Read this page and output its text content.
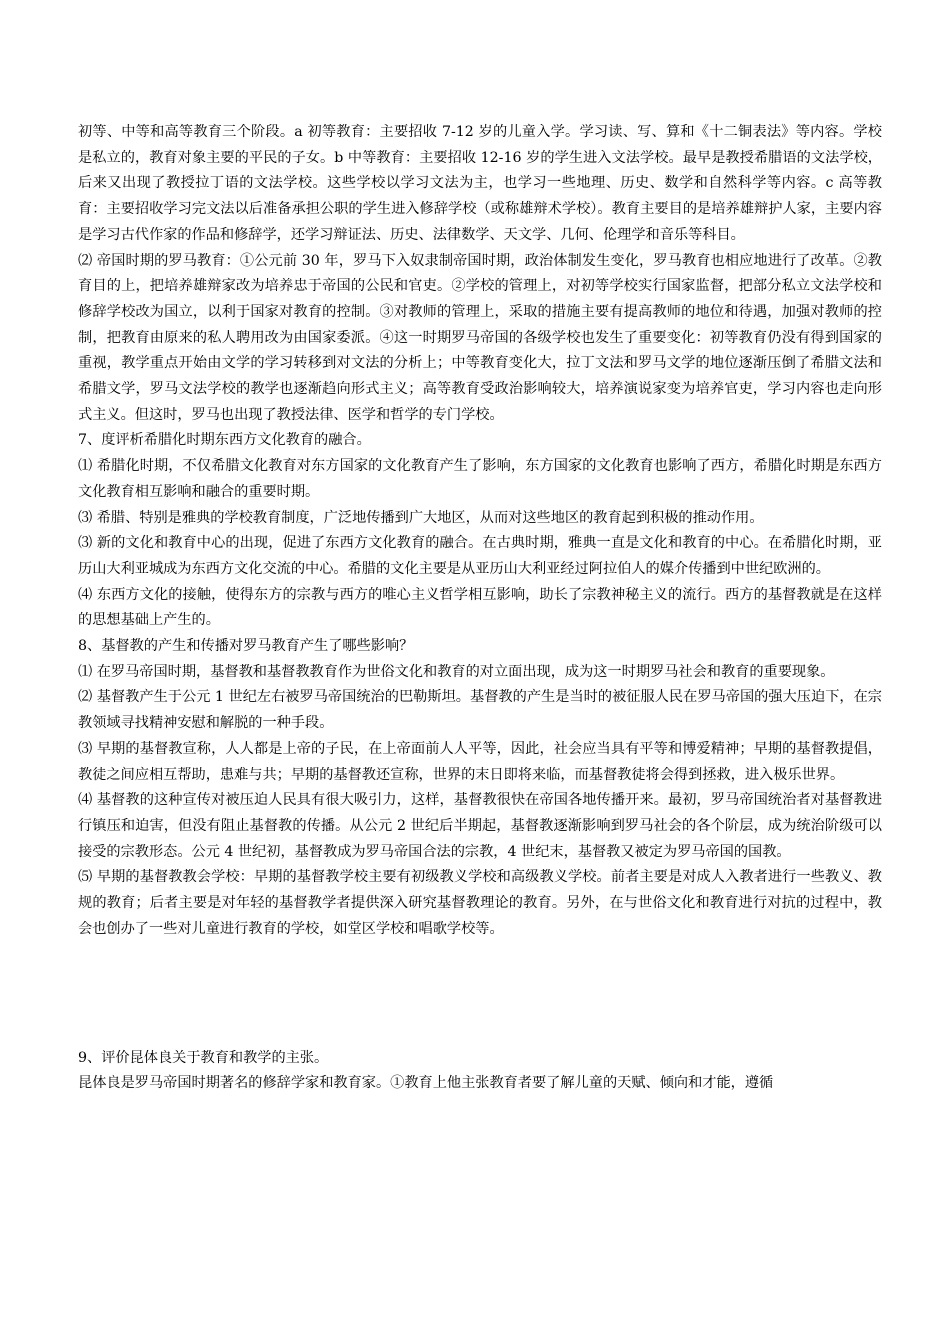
初等、中等和高等教育三个阶段。a 初等教育：主要招收 7-12 岁的儿童入学。学习读、写、算和《十二铜表法》等内容。学校是私立的，教育对象主要的平民的子女。b 中等教育：主要招收 12-16 岁的学生进入文法学校。最早是教授希腊语的文法学校，后来又出现了教授拉丁语的文法学校。这些学校以学习文法为主，也学习一些地理、历史、数学和自然科学等内容。c 高等教育：主要招收学习完文法以后准备承担公职的学生进入修辞学校（或称雄辩术学校）。教育主要目的是培养雄辩护人家，主要内容是学习古代作家的作品和修辞学，还学习辩证法、历史、法律数学、天文学、几何、伦理学和音乐等科目。

⑵ 帝国时期的罗马教育：①公元前 30 年，罗马下入奴隶制帝国时期，政治体制发生变化，罗马教育也相应地进行了改革。②教育目的上，把培养雄辩家改为培养忠于帝国的公民和官吏。②学校的管理上，对初等学校实行国家监督，把部分私立文法学校和修辞学校改为国立，以利于国家对教育的控制。③对教师的管理上，采取的措施主要有提高教师的地位和待遇，加强对教师的控制，把教育由原来的私人聘用改为由国家委派。④这一时期罗马帝国的各级学校也发生了重要变化：初等教育仍没有得到国家的重视，教学重点开始由文学的学习转移到对文法的分析上；中等教育变化大，拉丁文法和罗马文学的地位逐渐压倒了希腊文法和希腊文学，罗马文法学校的教学也逐渐趋向形式主义；高等教育受政治影响较大，培养演说家变为培养官吏，学习内容也走向形式主义。但这时，罗马也出现了教授法律、医学和哲学的专门学校。

7、度评析希腊化时期东西方文化教育的融合。

⑴ 希腊化时期，不仅希腊文化教育对东方国家的文化教育产生了影响，东方国家的文化教育也影响了西方，希腊化时期是东西方文化教育相互影响和融合的重要时期。

⑶ 希腊、特别是雅典的学校教育制度，广泛地传播到广大地区，从而对这些地区的教育起到积极的推动作用。

⑶ 新的文化和教育中心的出现，促进了东西方文化教育的融合。在古典时期，雅典一直是文化和教育的中心。在希腊化时期，亚历山大利亚城成为东西方文化交流的中心。希腊的文化主要是从亚历山大利亚经过阿拉伯人的媒介传播到中世纪欧洲的。

⑷ 东西方文化的接触，使得东方的宗教与西方的唯心主义哲学相互影响，助长了宗教神秘主义的流行。西方的基督教就是在这样的思想基础上产生的。

8、基督教的产生和传播对罗马教育产生了哪些影响？

⑴ 在罗马帝国时期，基督教和基督教教育作为世俗文化和教育的对立面出现，成为这一时期罗马社会和教育的重要现象。

⑵ 基督教产生于公元 1 世纪左右被罗马帝国统治的巴勒斯坦。基督教的产生是当时的被征服人民在罗马帝国的强大压迫下，在宗教领域寻找精神安慰和解脱的一种手段。

⑶ 早期的基督教宣称，人人都是上帝的子民，在上帝面前人人平等，因此，社会应当具有平等和博爱精神；早期的基督教提倡，教徒之间应相互帮助，患难与共；早期的基督教还宣称，世界的末日即将来临，而基督教徒将会得到拯救，进入极乐世界。

⑷ 基督教的这种宣传对被压迫人民具有很大吸引力，这样，基督教很快在帝国各地传播开来。最初，罗马帝国统治者对基督教进行镇压和迫害，但没有阻止基督教的传播。从公元 2 世纪后半期起，基督教逐渐影响到罗马社会的各个阶层，成为统治阶级可以接受的宗教形态。公元 4 世纪初，基督教成为罗马帝国合法的宗教，4 世纪末，基督教又被定为罗马帝国的国教。

⑸ 早期的基督教教会学校：早期的基督教学校主要有初级教义学校和高级教义学校。前者主要是对成人入教者进行一些教义、教规的教育；后者主要是对年轻的基督教学者提供深入研究基督教理论的教育。另外，在与世俗文化和教育进行对抗的过程中，教会也创办了一些对儿童进行教育的学校，如堂区学校和唱歌学校等。

9、评价昆体良关于教育和教学的主张。

昆体良是罗马帝国时期著名的修辞学家和教育家。①教育上他主张教育者要了解儿童的天赋、倾向和才能，遵循
